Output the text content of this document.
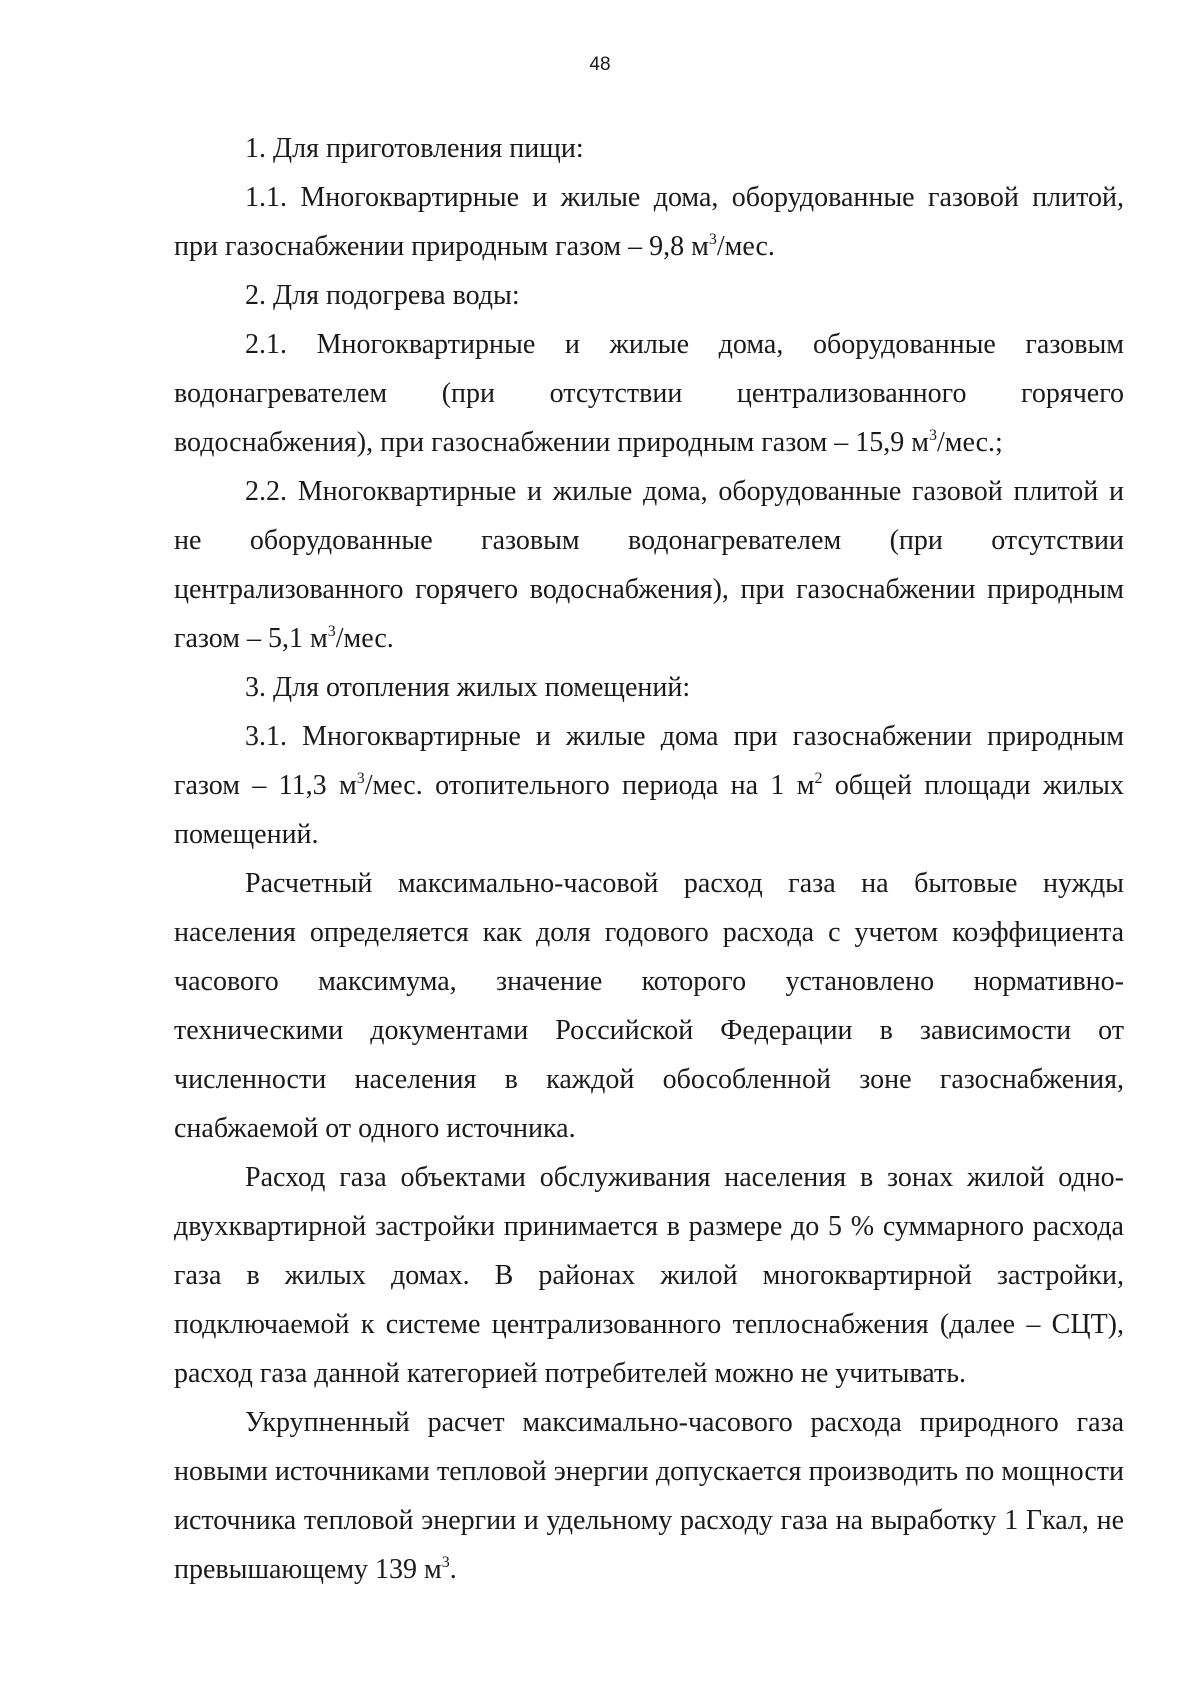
48

1. Для приготовления пищи:

1.1. Многоквартирные и жилые дома, оборудованные газовой плитой, при газоснабжении природным газом – 9,8 $м^3$/мес.

2. Для подогрева воды:

2.1. Многоквартирные и жилые дома, оборудованные газовым водонагревателем (при отсутствии централизованного горячего водоснабжения), при газоснабжении природным газом – 15,9 $м^3$/мес.;

2.2. Многоквартирные и жилые дома, оборудованные газовой плитой и не оборудованные газовым водонагревателем (при отсутствии централизованного горячего водоснабжения), при газоснабжении природным газом – 5,1 $м^3$/мес.

3. Для отопления жилых помещений:

3.1. Многоквартирные и жилые дома при газоснабжении природным газом – 11,3 $м^3$/мес. отопительного периода на 1 $м^2$ общей площади жилых помещений.

Расчетный максимально-часовой расход газа на бытовые нужды населения определяется как доля годового расхода с учетом коэффициента часового максимума, значение которого установлено нормативно-техническими документами Российской Федерации в зависимости от численности населения в каждой обособленной зоне газоснабжения, снабжаемой от одного источника.

Расход газа объектами обслуживания населения в зонах жилой одно-двухквартирной застройки принимается в размере до 5 % суммарного расхода газа в жилых домах. В районах жилой многоквартирной застройки, подключаемой к системе централизованного теплоснабжения (далее – СЦТ), расход газа данной категорией потребителей можно не учитывать.

Укрупненный расчет максимально-часового расхода природного газа новыми источниками тепловой энергии допускается производить по мощности источника тепловой энергии и удельному расходу газа на выработку 1 Гкал, не превышающему 139 $м^3$.
